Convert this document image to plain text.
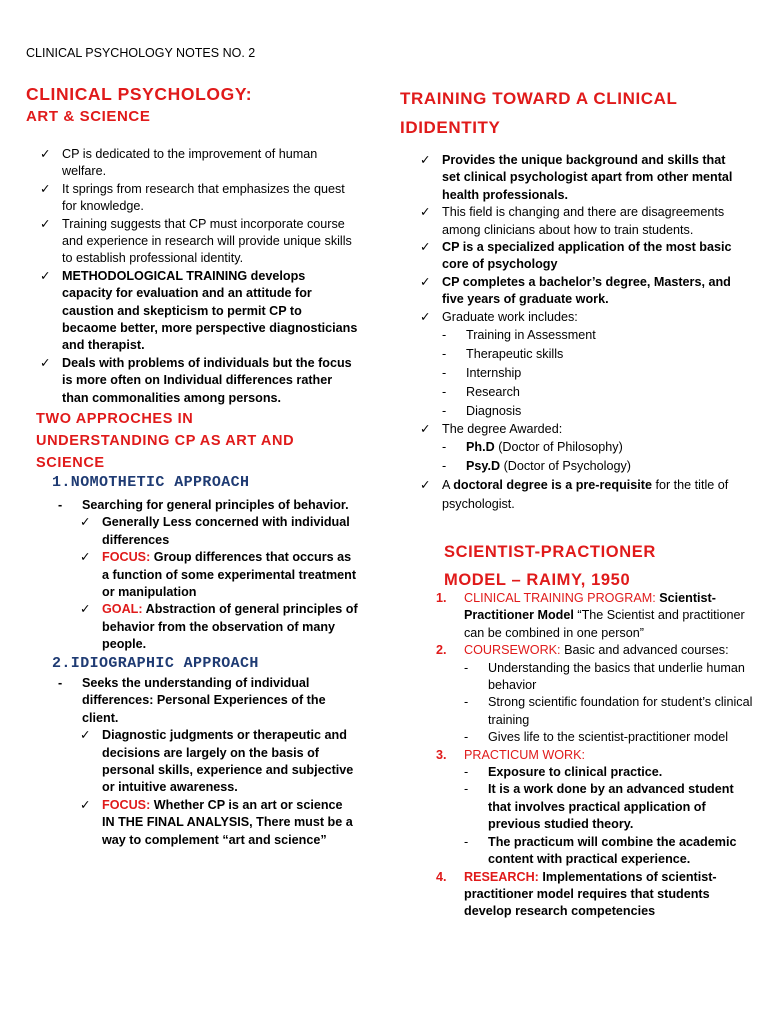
CLINICAL PSYCHOLOGY NOTES NO. 2
CLINICAL PSYCHOLOGY:
ART & SCIENCE
✓ CP is dedicated to the improvement of human welfare.
✓ It springs from research that emphasizes the quest for knowledge.
✓ Training suggests that CP must incorporate course and experience in research will provide unique skills to establish professional identity.
✓ METHODOLOGICAL TRAINING develops capacity for evaluation and an attitude for caustion and skepticism to permit CP to becaome better, more perspective diagnosticians and therapist.
✓ Deals with problems of individuals but the focus is more often on Individual differences rather than commonalities among persons.
TWO APPROCHES IN
UNDERSTANDING CP AS ART AND
SCIENCE
1.NOMOTHETIC APPROACH
- Searching for general principles of behavior.
✓ Generally Less concerned with individual differences
✓ FOCUS: Group differences that occurs as a function of some experimental treatment or manipulation
✓ GOAL: Abstraction of general principles of behavior from the observation of many people.
2.IDIOGRAPHIC APPROACH
- Seeks the understanding of individual differences: Personal Experiences of the client.
✓ Diagnostic judgments or therapeutic and decisions are largely on the basis of personal skills, experience and subjective or intuitive awareness.
✓ FOCUS: Whether CP is an art or science IN THE FINAL ANALYSIS, There must be a way to complement “art and science”
TRAINING TOWARD A CLINICAL
IDIDENTITY
✓ Provides the unique background and skills that set clinical psychologist apart from other mental health professionals.
✓ This field is changing and there are disagreements among clinicians about how to train students.
✓ CP is a specialized application of the most basic core of psychology
✓ CP completes a bachelor’s degree, Masters, and five years of graduate work.
✓ Graduate work includes:
- Training in Assessment
- Therapeutic skills
- Internship
- Research
- Diagnosis
✓ The degree Awarded:
- Ph.D (Doctor of Philosophy)
- Psy.D (Doctor of Psychology)
✓ A doctoral degree is a pre-requisite for the title of psychologist.
SCIENTIST-PRACTIONER
MODEL – RAIMY, 1950
1. CLINICAL TRAINING PROGRAM: Scientist-Practitioner Model “The Scientist and practitioner can be combined in one person”
2. COURSEWORK: Basic and advanced courses:
- Understanding the basics that underlie human behavior
- Strong scientific foundation for student’s clinical training
- Gives life to the scientist-practitioner model
3. PRACTICUM WORK:
- Exposure to clinical practice.
- It is a work done by an advanced student that involves practical application of previous studied theory.
- The practicum will combine the academic content with practical experience.
4. RESEARCH: Implementations of scientist-practitioner model requires that students develop research competencies
